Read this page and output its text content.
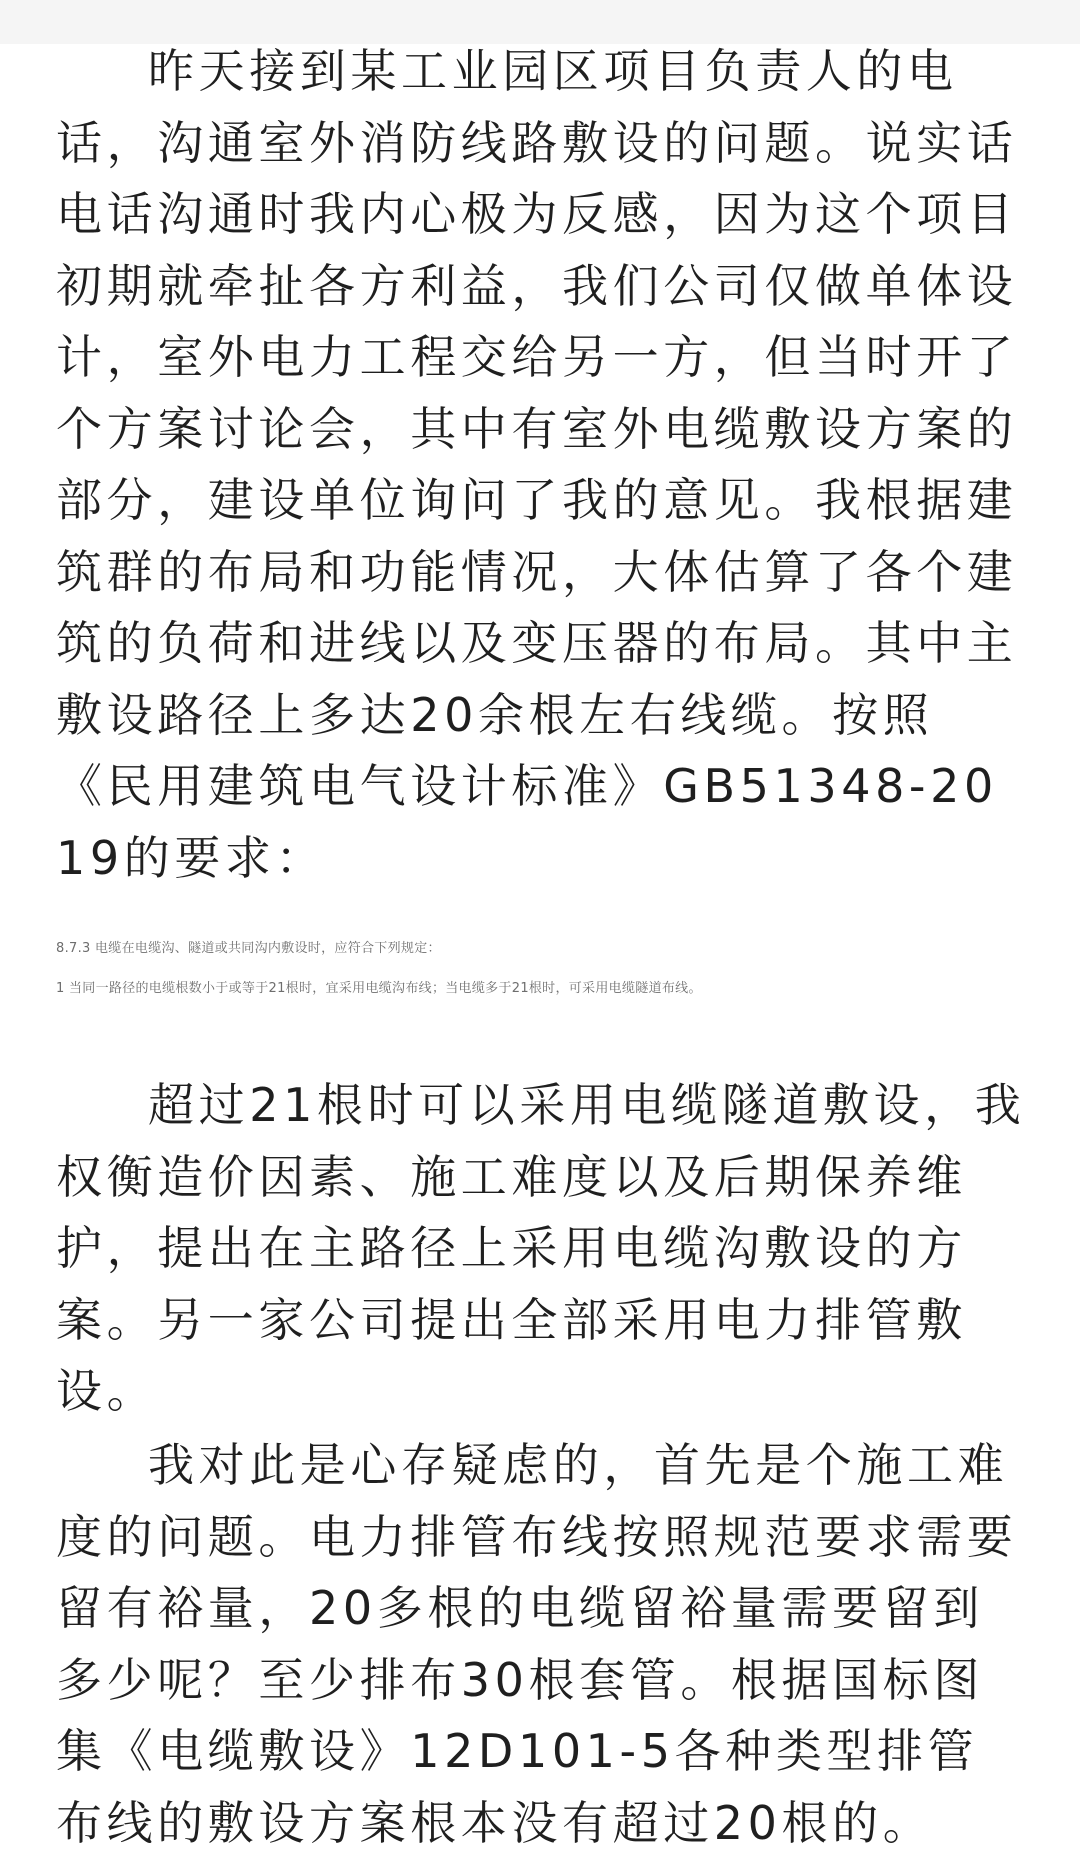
昨天接到某工业园区项目负责人的电话，沟通室外消防线路敷设的问题。说实话电话沟通时我内心极为反感，因为这个项目初期就牵扯各方利益，我们公司仅做单体设计，室外电力工程交给另一方，但当时开了个方案讨论会，其中有室外电缆敷设方案的部分，建设单位询问了我的意见。我根据建筑群的布局和功能情况，大体估算了各个建筑的负荷和进线以及变压器的布局。其中主敷设路径上多达20余根左右线缆。按照《民用建筑电气设计标准》GB51348-2019的要求：

8.7.3 电缆在电缆沟、隧道或共同沟内敷设时，应符合下列规定：

1 当同一路径的电缆根数小于或等于21根时，宜采用电缆沟布线；当电缆多于21根时，可采用电缆隧道布线。

超过21根时可以采用电缆隧道敷设，我权衡造价因素、施工难度以及后期保养维护，提出在主路径上采用电缆沟敷设的方案。另一家公司提出全部采用电力排管敷设。

我对此是心存疑虑的，首先是个施工难度的问题。电力排管布线按照规范要求需要留有裕量，20多根的电缆留裕量需要留到多少呢？至少排布30根套管。根据国标图集《电缆敷设》12D101-5各种类型排管布线的敷设方案根本没有超过20根的。
